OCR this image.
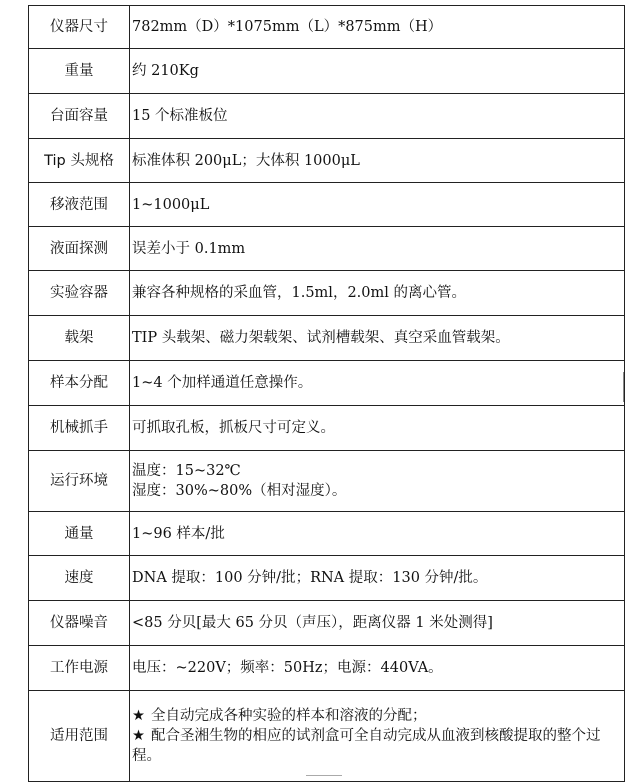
仪器尺寸	782mm（D）*1075mm（L）*875mm（H）
重量	约 210Kg
台面容量	15 个标准板位
Tip 头规格	标准体积 200μL；大体积 1000μL
移液范围	1~1000μL
液面探测	误差小于 0.1mm
实验容器	兼容各种规格的采血管，1.5ml，2.0ml 的离心管。
载架	TIP 头载架、磁力架载架、试剂槽载架、真空采血管载架。
样本分配	1~4 个加样通道任意操作。
机械抓手	可抓取孔板，抓板尺寸可定义。
运行环境	温度：15~32℃
湿度：30%~80%（相对湿度）。

通量	1~96 样本/批
速度	DNA 提取：100 分钟/批；RNA 提取：130 分钟/批。
仪器噪音	<85 分贝[最大 65 分贝（声压），距离仪器 1 米处测得]
工作电源	电压：~220V；频率：50Hz；电源：440VA。
适用范围	★ 全自动完成各种实验的样本和溶液的分配；
★ 配合圣湘生物的相应的试剂盒可全自动完成从血液到核酸提取的整个过程。
